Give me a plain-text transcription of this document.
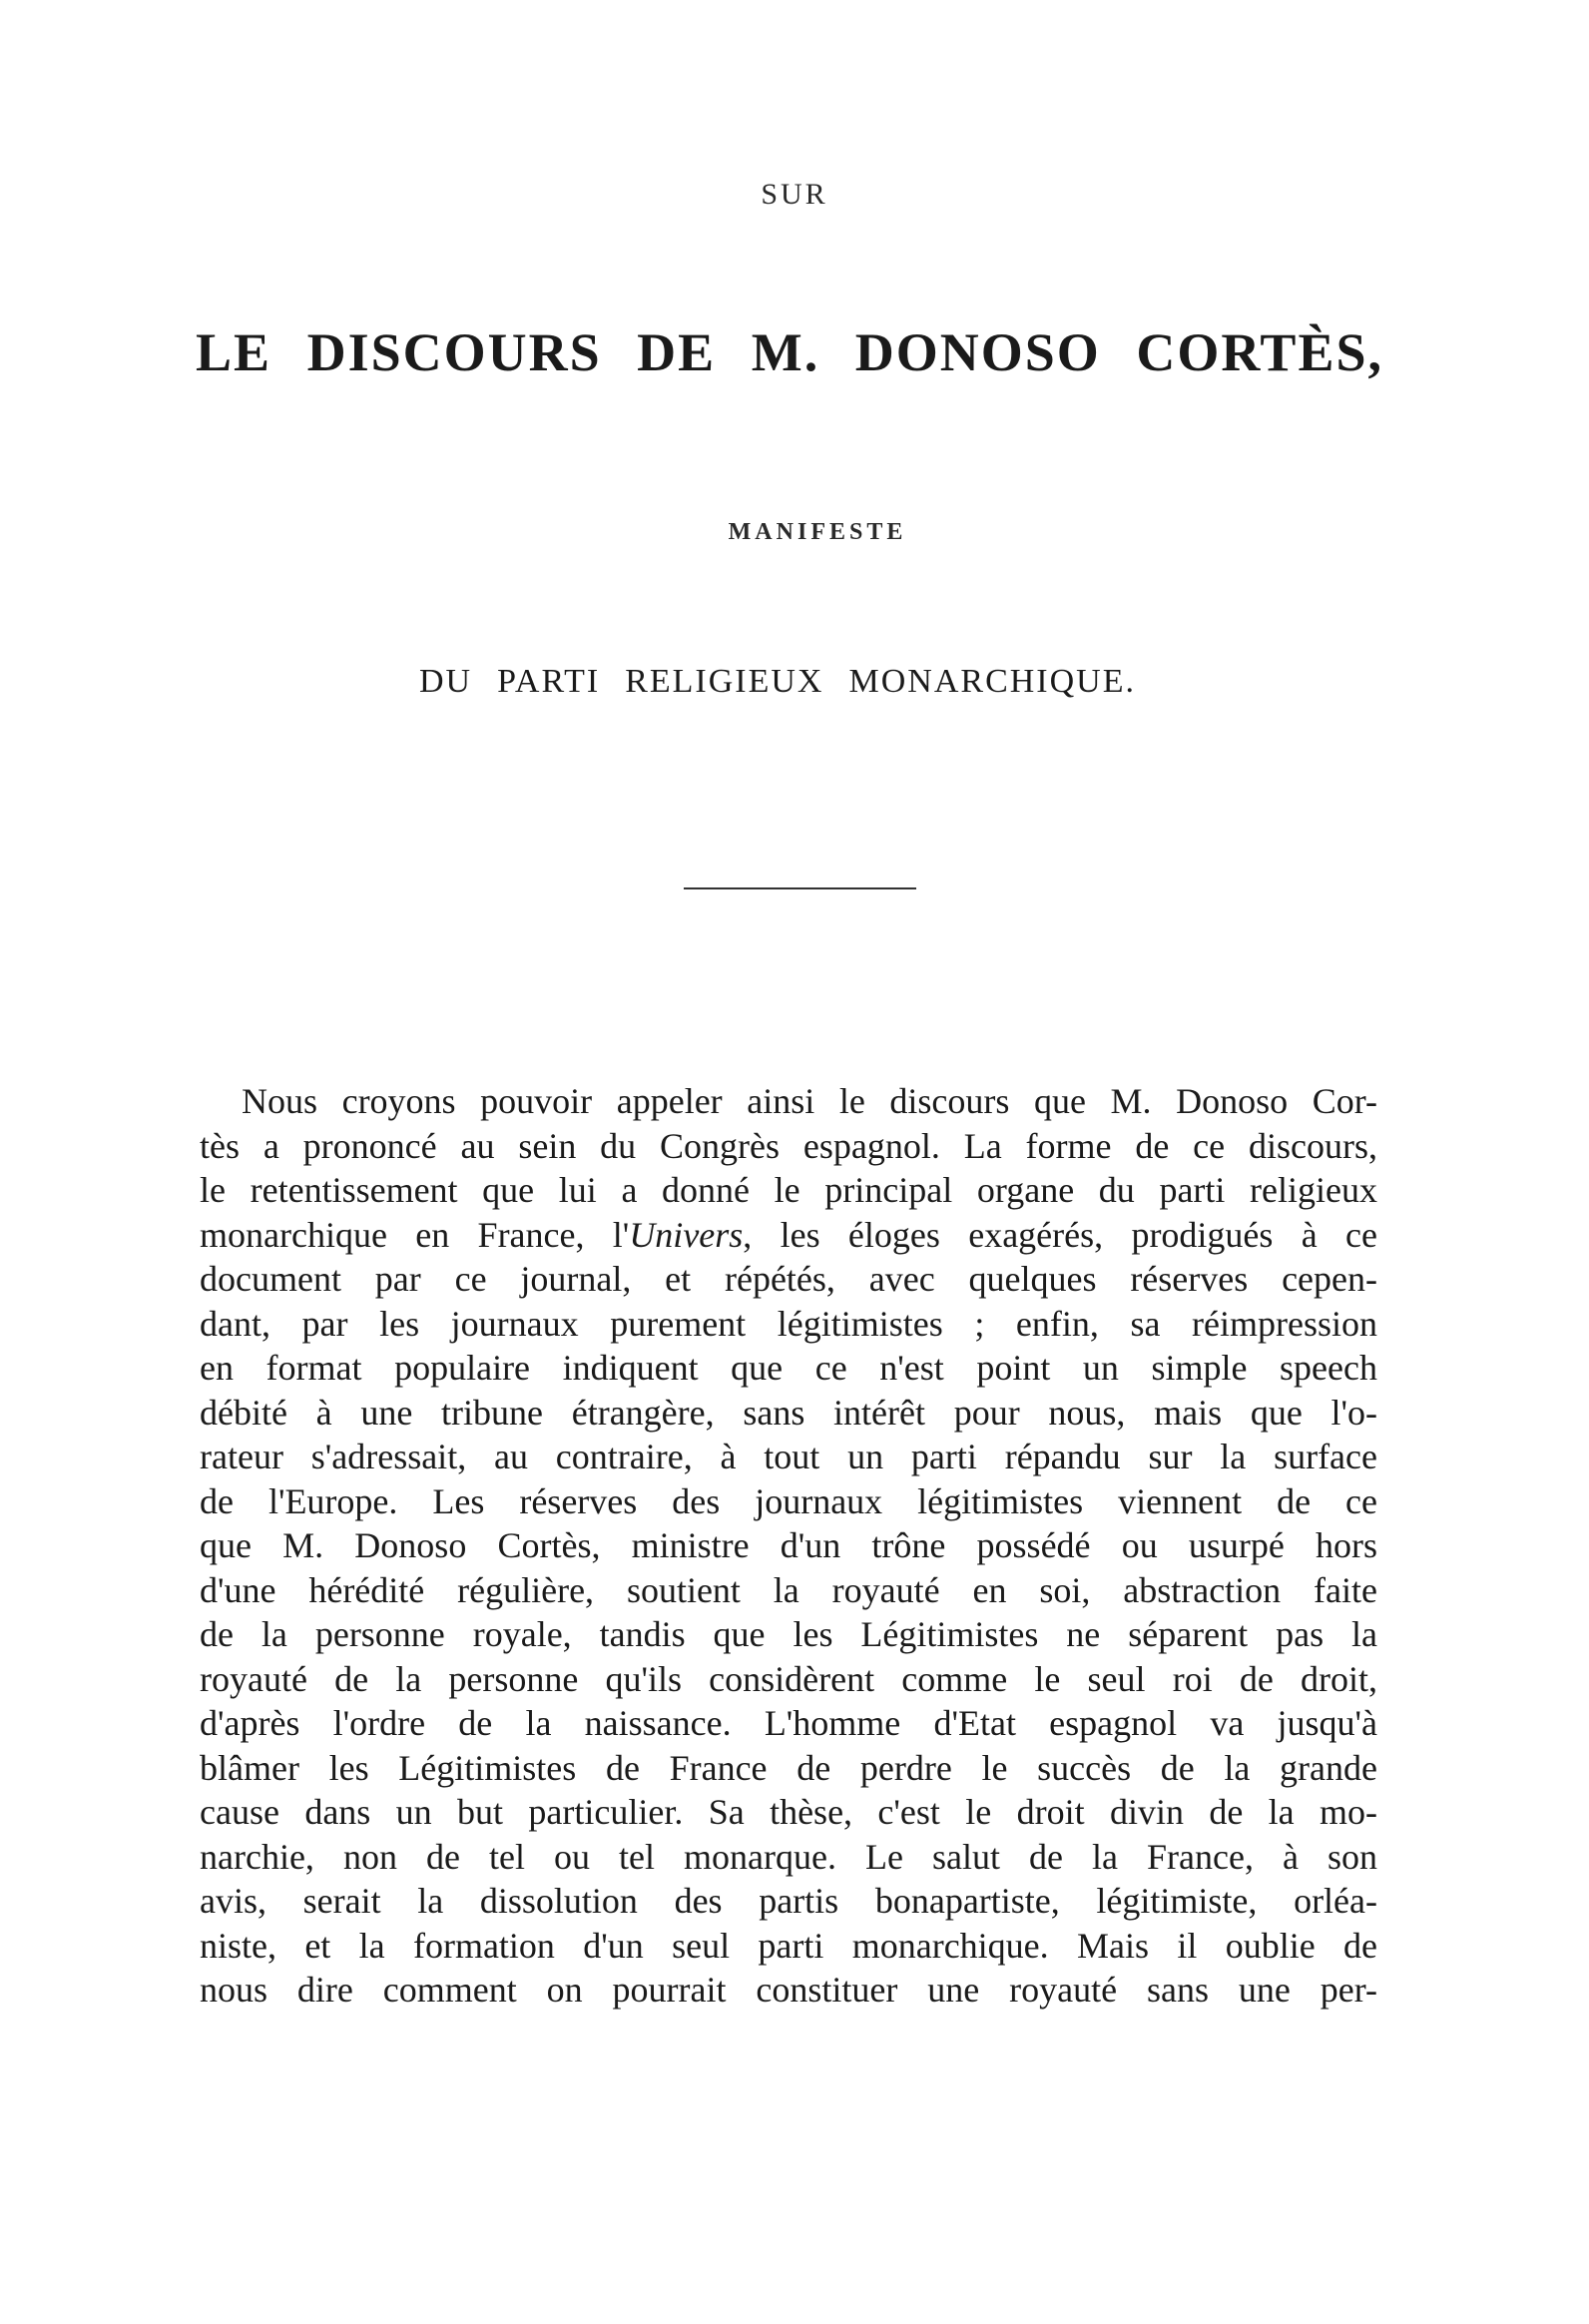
SUR
LE DISCOURS DE M. DONOSO CORTÈS,
MANIFESTE
DU PARTI RELIGIEUX MONARCHIQUE.
Nous croyons pouvoir appeler ainsi le discours que M. Donoso Cor-
tès a prononcé au sein du Congrès espagnol. La forme de ce discours,
le retentissement que lui a donné le principal organe du parti religieux
monarchique en France, l'Univers, les éloges exagérés, prodigués à ce
document par ce journal, et répétés, avec quelques réserves cepen-
dant, par les journaux purement légitimistes ; enfin, sa réimpression
en format populaire indiquent que ce n'est point un simple speech
débité à une tribune étrangère, sans intérêt pour nous, mais que l'o-
rateur s'adressait, au contraire, à tout un parti répandu sur la surface
de l'Europe. Les réserves des journaux légitimistes viennent de ce
que M. Donoso Cortès, ministre d'un trône possédé ou usurpé hors
d'une hérédité régulière, soutient la royauté en soi, abstraction faite
de la personne royale, tandis que les Légitimistes ne séparent pas la
royauté de la personne qu'ils considèrent comme le seul roi de droit,
d'après l'ordre de la naissance. L'homme d'Etat espagnol va jusqu'à
blâmer les Légitimistes de France de perdre le succès de la grande
cause dans un but particulier. Sa thèse, c'est le droit divin de la mo-
narchie, non de tel ou tel monarque. Le salut de la France, à son
avis, serait la dissolution des partis bonapartiste, légitimiste, orléa-
niste, et la formation d'un seul parti monarchique. Mais il oublie de
nous dire comment on pourrait constituer une royauté sans une per-
